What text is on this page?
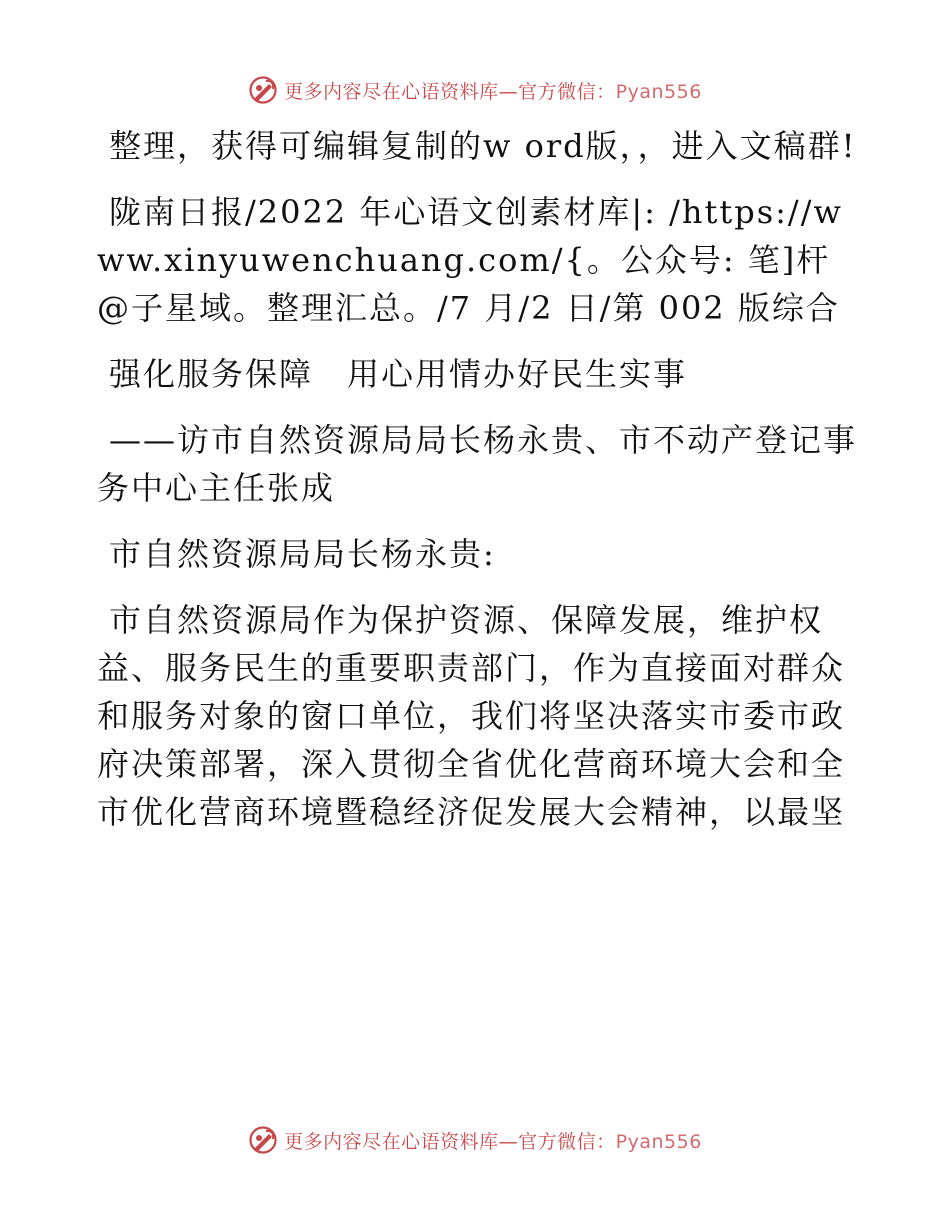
更多内容尽在心语资料库—官方微信：Pyan556

整理，获得可编辑复制的w ord版，，进入文稿群!

陇南日报/2022 年心语文创素材库|: /https://www.xinyuwenchuang.com/{。公众号: 笔]杆@子星域。整理汇总。/7 月/2 日/第 002 版综合

强化服务保障　用心用情办好民生实事

——访市自然资源局局长杨永贵、市不动产登记事务中心主任张成

市自然资源局局长杨永贵:

市自然资源局作为保护资源、保障发展，维护权益、服务民生的重要职责部门，作为直接面对群众和服务对象的窗口单位，我们将坚决落实市委市政府决策部署，深入贯彻全省优化营商环境大会和全市优化营商环境暨稳经济促发展大会精神，以最坚

更多内容尽在心语资料库—官方微信：Pyan556
